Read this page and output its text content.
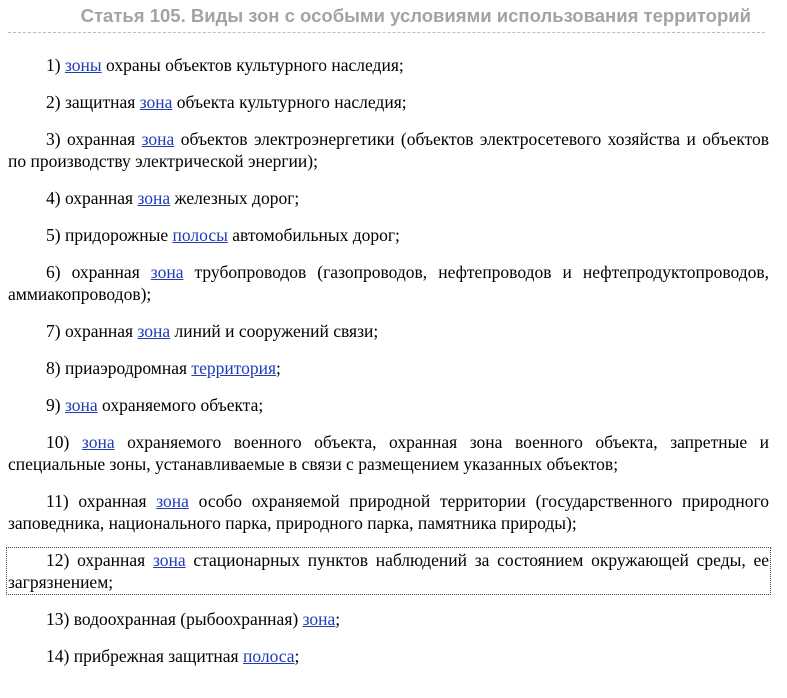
Статья 105. Виды зон с особыми условиями использования территорий

1) зоны охраны объектов культурного наследия;

2) защитная зона объекта культурного наследия;

3) охранная зона объектов электроэнергетики (объектов электросетевого хозяйства и объектов по производству электрической энергии);

4) охранная зона железных дорог;

5) придорожные полосы автомобильных дорог;

6) охранная зона трубопроводов (газопроводов, нефтепроводов и нефтепродуктопроводов, аммиакопроводов);

7) охранная зона линий и сооружений связи;

8) приаэродромная территория;

9) зона охраняемого объекта;

10) зона охраняемого военного объекта, охранная зона военного объекта, запретные и специальные зоны, устанавливаемые в связи с размещением указанных объектов;

11) охранная зона особо охраняемой природной территории (государственного природного заповедника, национального парка, природного парка, памятника природы);

12) охранная зона стационарных пунктов наблюдений за состоянием окружающей среды, ее загрязнением;

13) водоохранная (рыбоохранная) зона;

14) прибрежная защитная полоса;
